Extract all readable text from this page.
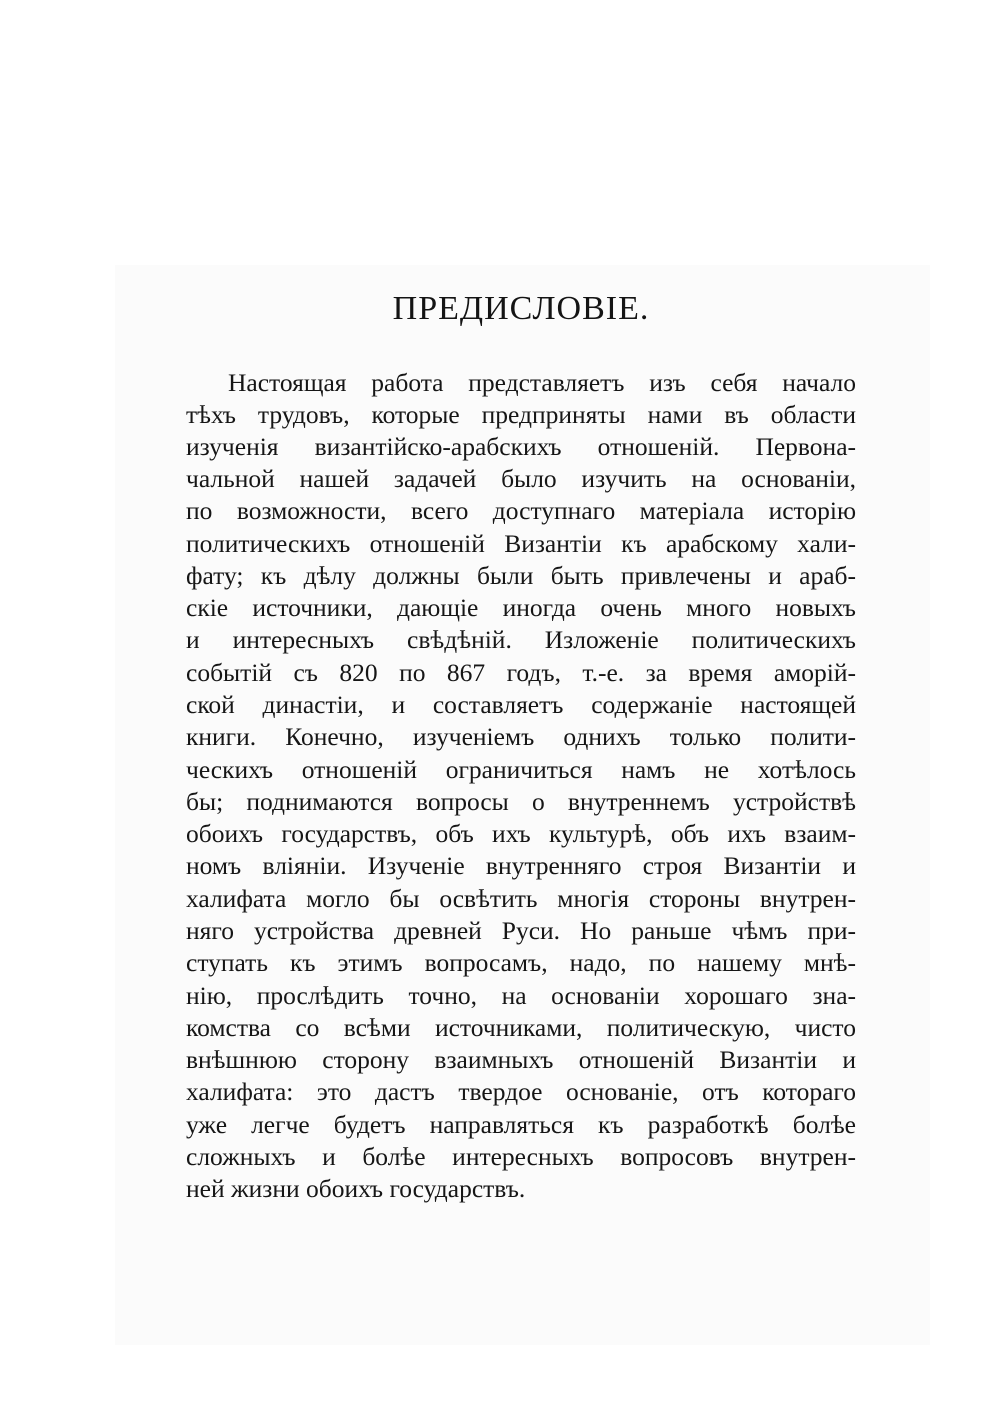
ПРЕДИСЛОВІЕ.
Настоящая работа представляетъ изъ себя начало
тѣхъ трудовъ, которые предприняты нами въ области
изученія византійско-арабскихъ отношеній. Первона-
чальной нашей задачей было изучить на основаніи,
по возможности, всего доступнаго матеріала исторію
политическихъ отношеній Византіи къ арабскому хали-
фату; къ дѣлу должны были быть привлечены и араб-
скіе источники, дающіе иногда очень много новыхъ
и интересныхъ свѣдѣній. Изложеніе политическихъ
событій съ 820 по 867 годъ, т.-е. за время аморій-
ской династіи, и составляетъ содержаніе настоящей
книги. Конечно, изученіемъ однихъ только полити-
ческихъ отношеній ограничиться намъ не хотѣлось
бы; поднимаются вопросы о внутреннемъ устройствѣ
обоихъ государствъ, объ ихъ культурѣ, объ ихъ взаим-
номъ вліяніи. Изученіе внутренняго строя Византіи и
халифата могло бы освѣтить многія стороны внутрен-
няго устройства древней Руси. Но раньше чѣмъ при-
ступать къ этимъ вопросамъ, надо, по нашему мнѣ-
нію, прослѣдить точно, на основаніи хорошаго зна-
комства со всѣми источниками, политическую, чисто
внѣшнюю сторону взаимныхъ отношеній Византіи и
халифата: это дастъ твердое основаніе, отъ котораго
уже легче будетъ направляться къ разработкѣ болѣе
сложныхъ и болѣе интересныхъ вопросовъ внутрен-
ней жизни обоихъ государствъ.
